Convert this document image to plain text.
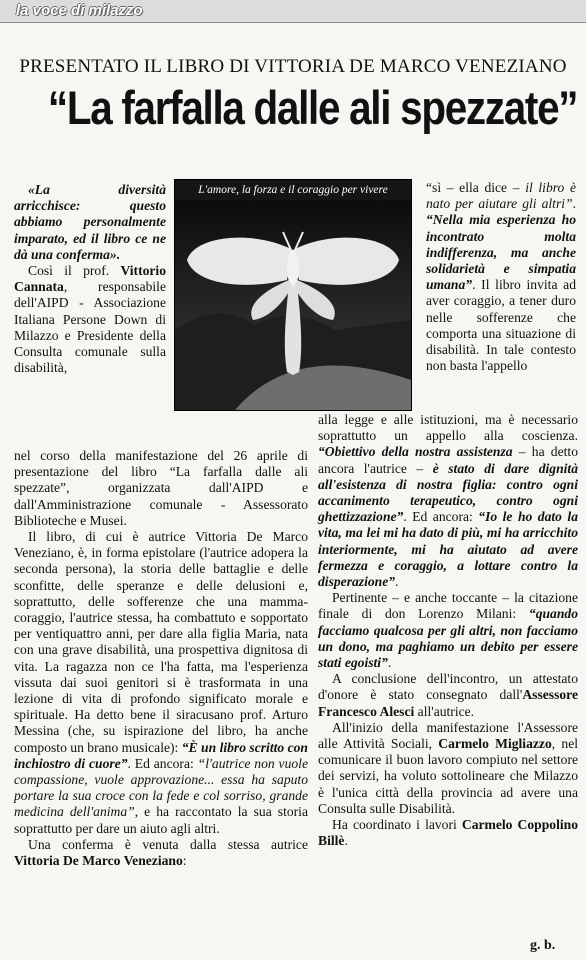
la voce di milazzo
PRESENTATO IL LIBRO DI VITTORIA DE MARCO VENEZIANO
“La farfalla dalle ali spezzate”

«La diversità arricchisce: questo abbiamo personalmente imparato, ed il libro ce ne dà una conferma».

Così il prof. Vittorio Cannata, responsabile dell'AIPD - Associazione Italiana Persone Down di Milazzo e Presidente della Consulta comunale sulla disabilità,

L'amore, la forza e il coraggio per vivere

nel corso della manifestazione del 26 aprile di presentazione del libro “La farfalla dalle ali spezzate”, organizzata dall'AIPD e dall'Amministrazione comunale - Assessorato Biblioteche e Musei.

Il libro, di cui è autrice Vittoria De Marco Veneziano, è, in forma epistolare (l'autrice adopera la seconda persona), la storia delle battaglie e delle sconfitte, delle speranze e delle delusioni e, soprattutto, delle sofferenze che una mamma-coraggio, l'autrice stessa, ha combattuto e sopportato per ventiquattro anni, per dare alla figlia Maria, nata con una grave disabilità, una prospettiva dignitosa di vita. La ragazza non ce l'ha fatta, ma l'esperienza vissuta dai suoi genitori si è trasformata in una lezione di vita di profondo significato morale e spirituale. Ha detto bene il siracusano prof. Arturo Messina (che, su ispirazione del libro, ha anche composto un brano musicale): “È un libro scritto con inchiostro di cuore”. Ed ancora: “l'autrice non vuole compassione, vuole approvazione... essa ha saputo portare la sua croce con la fede e col sorriso, grande medicina dell'anima”, e ha raccontato la sua storia soprattutto per dare un aiuto agli altri.

Una conferma è venuta dalla stessa autrice Vittoria De Marco Veneziano:

“sì – ella dice – il libro è nato per aiutare gli altri”. “Nella mia esperienza ho incontrato molta indifferenza, ma anche solidarietà e simpatia umana”. Il libro invita ad aver coraggio, a tener duro nelle sofferenze che comporta una situazione di disabilità. In tale contesto non basta l'appello

alla legge e alle istituzioni, ma è necessario soprattutto un appello alla coscienza. “Obiettivo della nostra assistenza – ha detto ancora l'autrice – è stato di dare dignità all'esistenza di nostra figlia: contro ogni accanimento terapeutico, contro ogni ghettizzazione”. Ed ancora: “Io le ho dato la vita, ma lei mi ha dato di più, mi ha arricchito interiormente, mi ha aiutato ad avere fermezza e coraggio, a lottare contro la disperazione”.

Pertinente – e anche toccante – la citazione finale di don Lorenzo Milani: “quando facciamo qualcosa per gli altri, non facciamo un dono, ma paghiamo un debito per essere stati egoisti”.

A conclusione dell'incontro, un attestato d'onore è stato consegnato dall'Assessore Francesco Alesci all'autrice.

All'inizio della manifestazione l'Assessore alle Attività Sociali, Carmelo Migliazzo, nel comunicare il buon lavoro compiuto nel settore dei servizi, ha voluto sottolineare che Milazzo è l'unica città della provincia ad avere una Consulta sulle Disabilità.

Ha coordinato i lavori Carmelo Coppolino Billè.

g. b.
